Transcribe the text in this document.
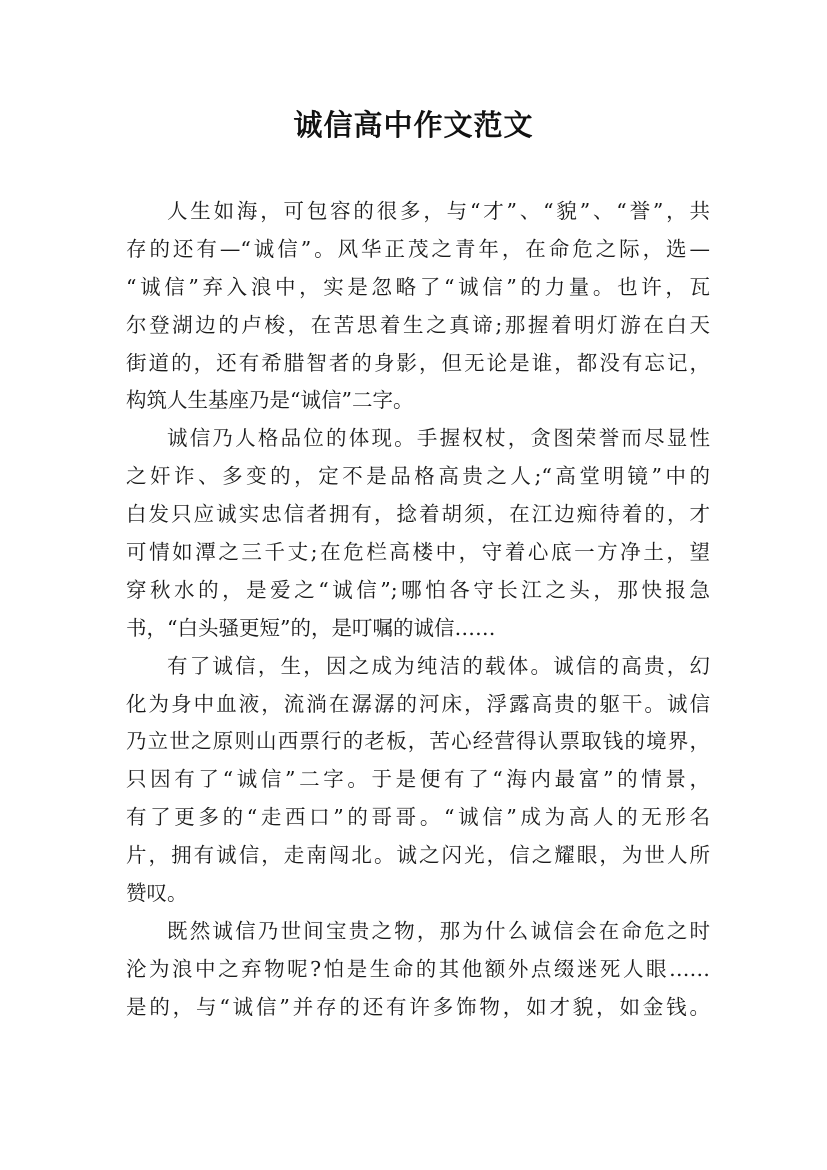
诚信高中作文范文
人生如海，可包容的很多，与“才”、“貌”、“誉”，共
存的还有—“诚信”。风华正茂之青年，在命危之际，选—
“诚信”弃入浪中，实是忽略了“诚信”的力量。也许，瓦
尔登湖边的卢梭，在苦思着生之真谛;那握着明灯游在白天
街道的，还有希腊智者的身影，但无论是谁，都没有忘记，
构筑人生基座乃是“诚信”二字。
诚信乃人格品位的体现。手握权杖，贪图荣誉而尽显性
之奸诈、多变的，定不是品格高贵之人;“高堂明镜”中的
白发只应诚实忠信者拥有，捻着胡须，在江边痴待着的，才
可情如潭之三千丈;在危栏高楼中，守着心底一方净土，望
穿秋水的，是爱之“诚信”;哪怕各守长江之头，那快报急
书，“白头骚更短”的，是叮嘱的诚信……
有了诚信，生，因之成为纯洁的载体。诚信的高贵，幻
化为身中血液，流淌在潺潺的河床，浮露高贵的躯干。诚信
乃立世之原则山西票行的老板，苦心经营得认票取钱的境界，
只因有了“诚信”二字。于是便有了“海内最富”的情景，
有了更多的“走西口”的哥哥。“诚信”成为高人的无形名
片，拥有诚信，走南闯北。诚之闪光，信之耀眼，为世人所
赞叹。
既然诚信乃世间宝贵之物，那为什么诚信会在命危之时
沦为浪中之弃物呢?怕是生命的其他额外点缀迷死人眼……
是的，与“诚信”并存的还有许多饰物，如才貌，如金钱。
